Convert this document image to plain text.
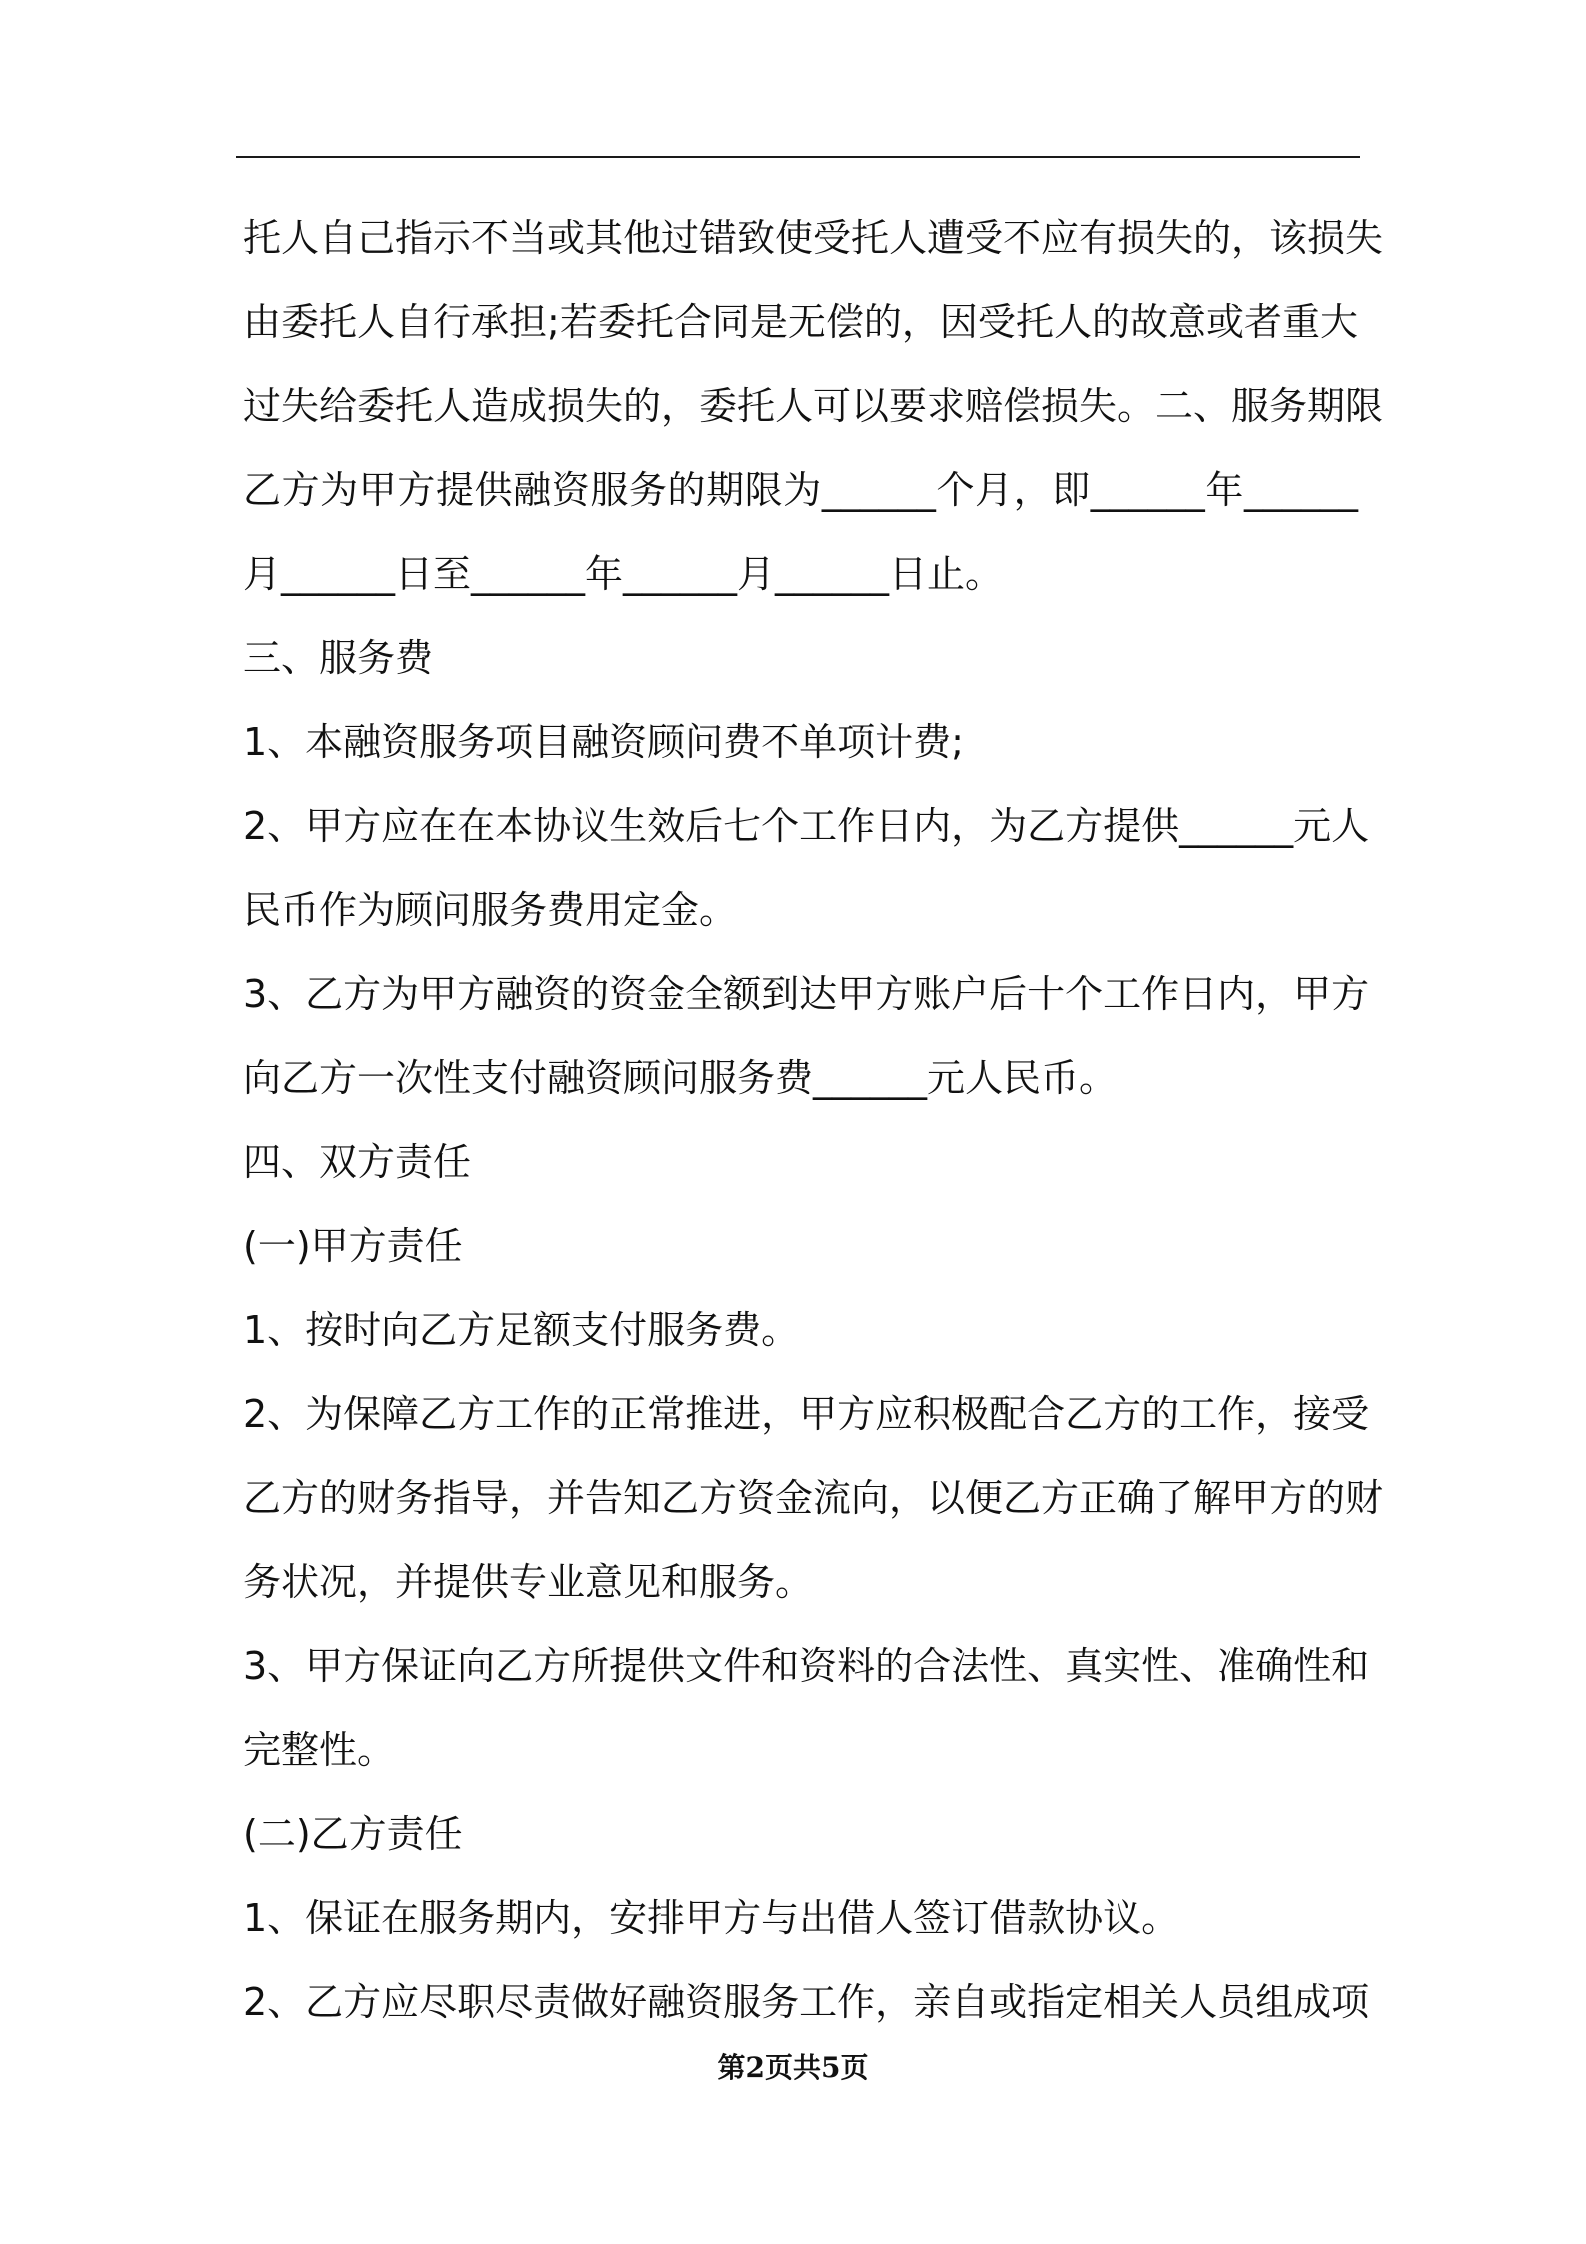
托人自己指示不当或其他过错致使受托人遭受不应有损失的，该损失
由委托人自行承担;若委托合同是无偿的，因受托人的故意或者重大
过失给委托人造成损失的，委托人可以要求赔偿损失。二、服务期限
乙方为甲方提供融资服务的期限为______个月，即______年______
月______日至______年______月______日止。
三、服务费
1、本融资服务项目融资顾问费不单项计费;
2、甲方应在在本协议生效后七个工作日内，为乙方提供______元人
民币作为顾问服务费用定金。
3、乙方为甲方融资的资金全额到达甲方账户后十个工作日内，甲方
向乙方一次性支付融资顾问服务费______元人民币。
四、双方责任
(一)甲方责任
1、按时向乙方足额支付服务费。
2、为保障乙方工作的正常推进，甲方应积极配合乙方的工作，接受
乙方的财务指导，并告知乙方资金流向，以便乙方正确了解甲方的财
务状况，并提供专业意见和服务。
3、甲方保证向乙方所提供文件和资料的合法性、真实性、准确性和
完整性。
(二)乙方责任
1、保证在服务期内，安排甲方与出借人签订借款协议。
2、乙方应尽职尽责做好融资服务工作，亲自或指定相关人员组成项
第2页共5页
